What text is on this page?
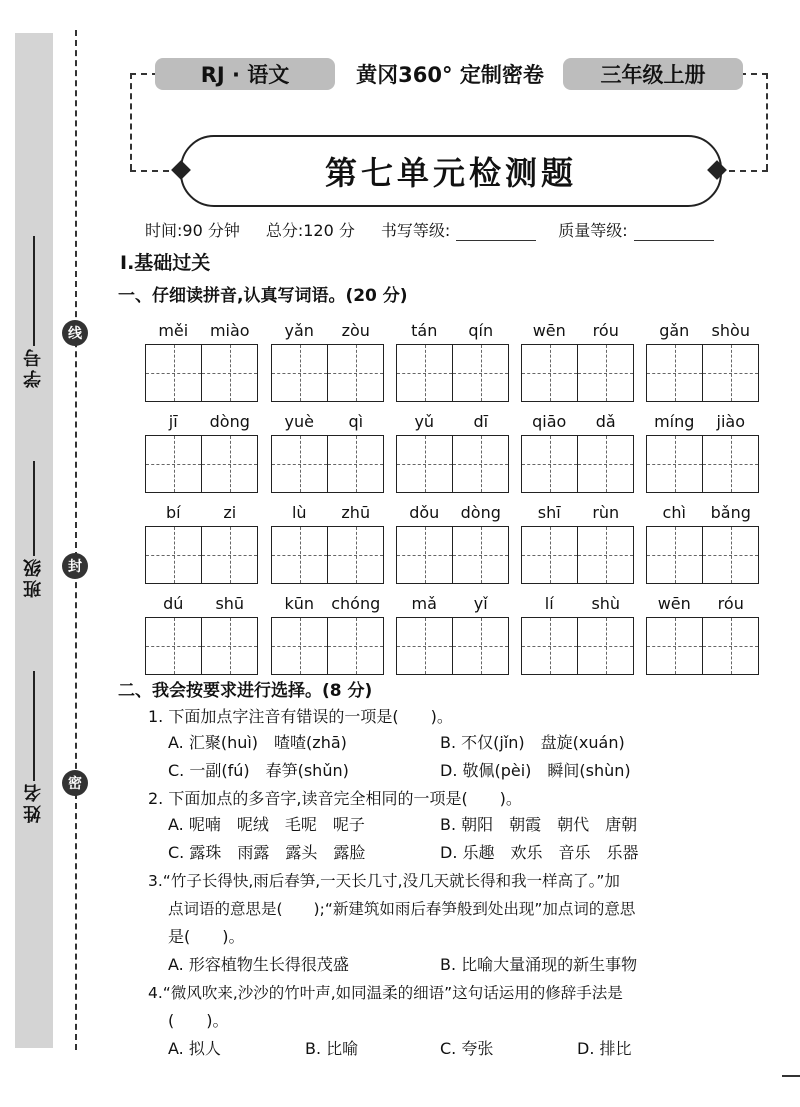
线
封
密
学号
班级
姓名
RJ · 语文	黄冈360° 定制密卷	三年级上册
第七单元检测题
时间:90 分钟 总分:120 分 书写等级:	质量等级:
Ⅰ.基础过关
一、仔细读拼音,认真写词语。(20 分)
měi	miào	yǎn	zòu	tán	qín	wēn	róu	gǎn	shòu
jī	dòng	yuè	qì	yǔ	dī	qiāo	dǎ	míng	jiào
bí	zi	lù	zhū	dǒu	dòng	shī	rùn	chì	bǎng
dú	shū	kūn	chóng	mǎ	yǐ	lí	shù	wēn	róu
二、我会按要求进行选择。(8 分)
1. 下面加点字注音有错误的一项是(　　)。
A. 汇聚(huì)　喳喳(zhā)	B. 不仅(jǐn)　盘旋(xuán)
C. 一副(fú)　春笋(shǔn)	D. 敬佩(pèi)　瞬间(shùn)
2. 下面加点的多音字,读音完全相同的一项是(　　)。
A. 呢喃　呢绒　毛呢　呢子	B. 朝阳　朝霞　朝代　唐朝
C. 露珠　雨露　露头　露脸	D. 乐趣　欢乐　音乐　乐器
3.“竹子长得快,雨后春笋,一天长几寸,没几天就长得和我一样高了。”加
点词语的意思是(　　);“新建筑如雨后春笋般到处出现”加点词的意思
是(　　)。
A. 形容植物生长得很茂盛	B. 比喻大量涌现的新生事物
4.“微风吹来,沙沙的竹叶声,如同温柔的细语”这句话运用的修辞手法是
(　　)。
A. 拟人	B. 比喻	C. 夸张	D. 排比
